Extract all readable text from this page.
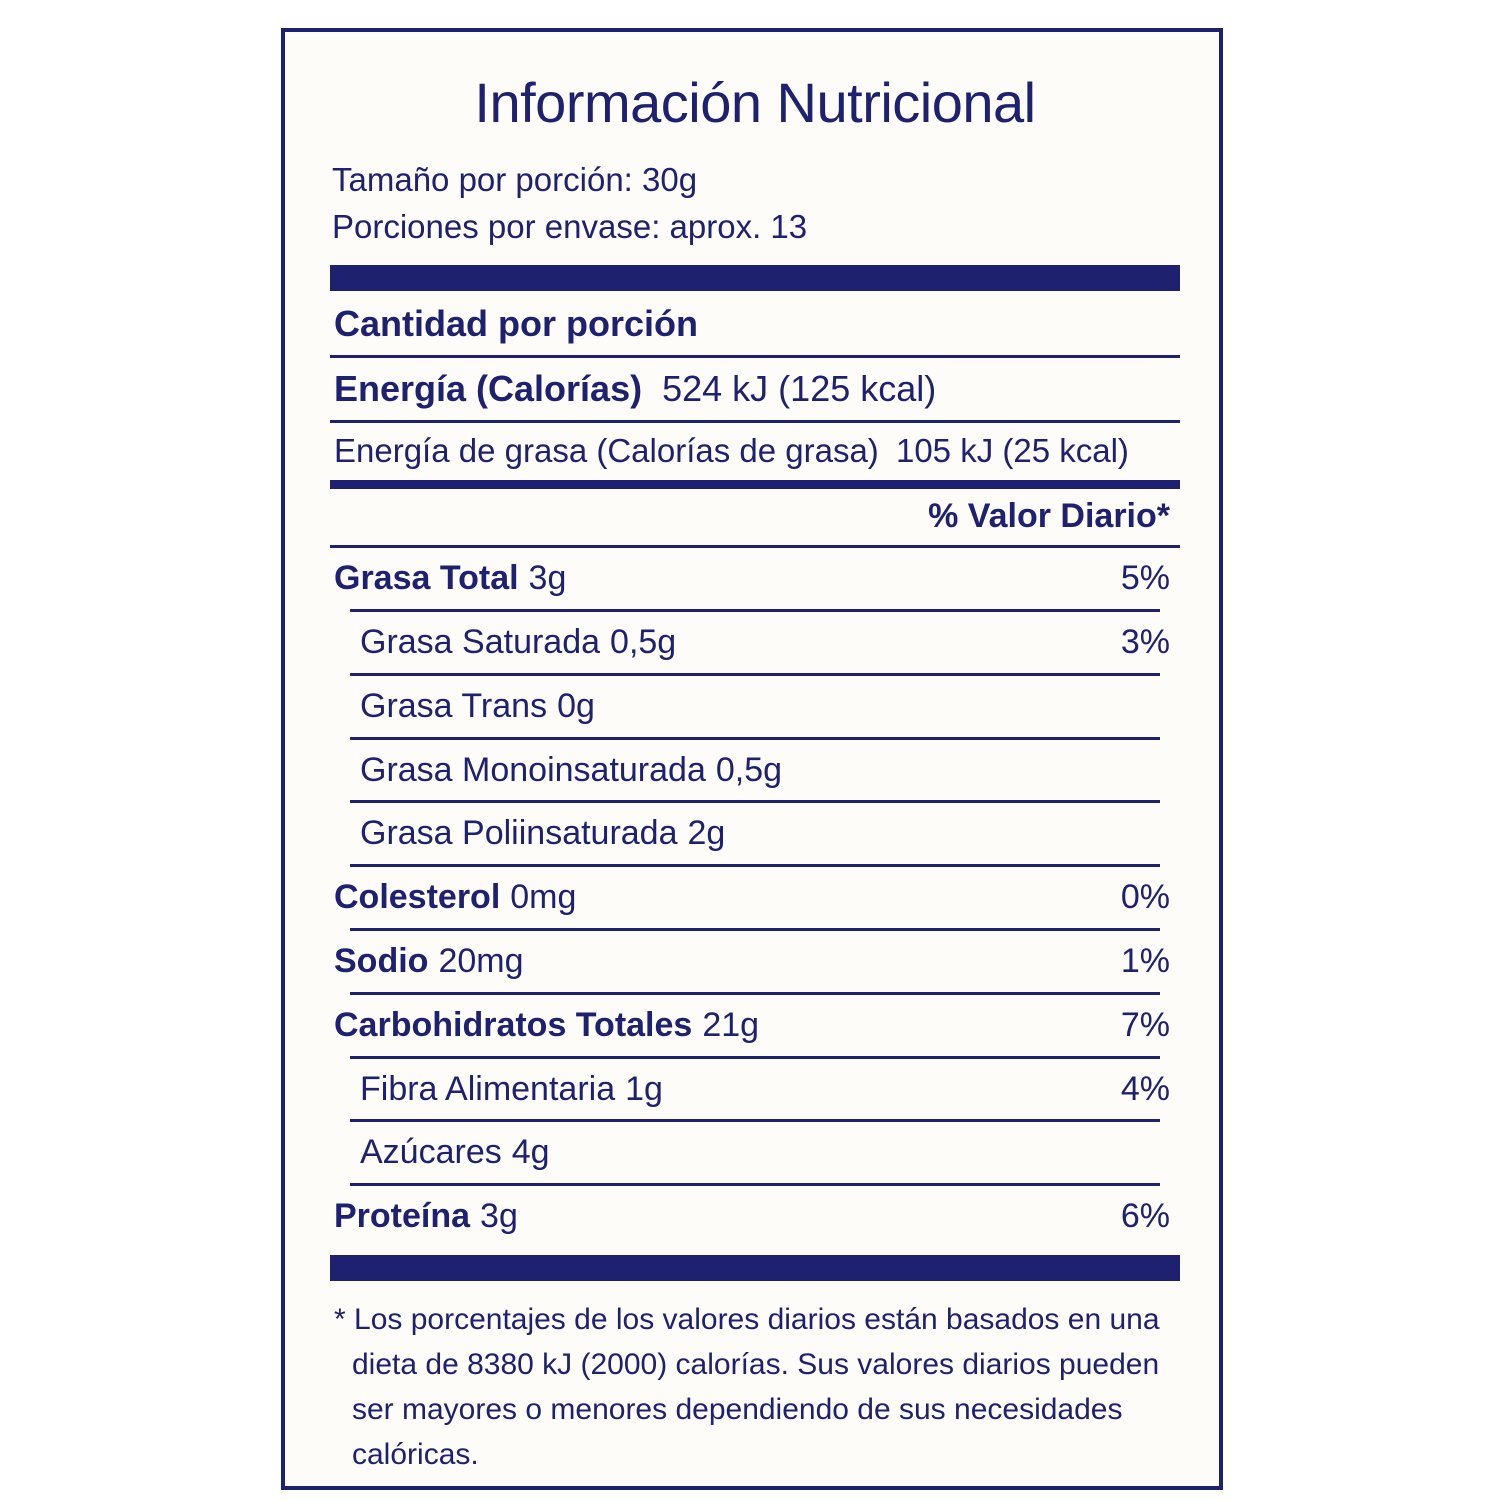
Información Nutricional
Tamaño por porción: 30g
Porciones por envase: aprox. 13
Cantidad por porción
Energía (Calorías) 524 kJ (125 kcal)
Energía de grasa (Calorías de grasa) 105 kJ (25 kcal)
% Valor Diario*
Grasa Total 3g	5%
Grasa Saturada 0,5g	3%
Grasa Trans 0g
Grasa Monoinsaturada 0,5g
Grasa Poliinsaturada 2g
Colesterol 0mg	0%
Sodio 20mg	1%
Carbohidratos Totales 21g	7%
Fibra Alimentaria 1g	4%
Azúcares 4g
Proteína 3g	6%
* Los porcentajes de los valores diarios están basados en una dieta de 8380 kJ (2000) calorías. Sus valores diarios pueden ser mayores o menores dependiendo de sus necesidades calóricas.
